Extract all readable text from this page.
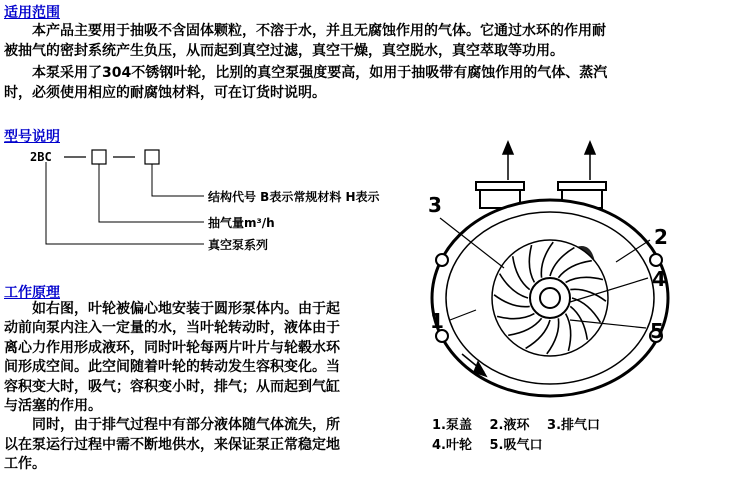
适用范围
　　本产品主要用于抽吸不含固体颗粒，不溶于水，并且无腐蚀作用的气体。它通过水环的作用耐
被抽气的密封系统产生负压，从而起到真空过滤，真空干燥，真空脱水，真空萃取等功用。
　　本泵采用了304不锈钢叶轮，比别的真空泵强度要高，如用于抽吸带有腐蚀作用的气体、蒸汽
时，必须使用相应的耐腐蚀材料，可在订货时说明。
型号说明
2BC
结构代号 B表示常规材料 H表示
抽气量m³/h
真空泵系列
工作原理
　　如右图，叶轮被偏心地安装于圆形泵体内。由于起
动前向泵内注入一定量的水，当叶轮转动时，液体由于
离心力作用形成液环，同时叶轮每两片叶片与轮毂水环
间形成空间。此空间随着叶轮的转动发生容积变化。当
容积变大时，吸气；容积变小时，排气；从而起到气缸
与活塞的作用。
　　同时，由于排气过程中有部分液体随气体流失，所
以在泵运行过程中需不断地供水，来保证泵正常稳定地
工作。
3
2
4
1	5
1.泵盖　 2.液环　 3.排气口
4.叶轮　 5.吸气口
